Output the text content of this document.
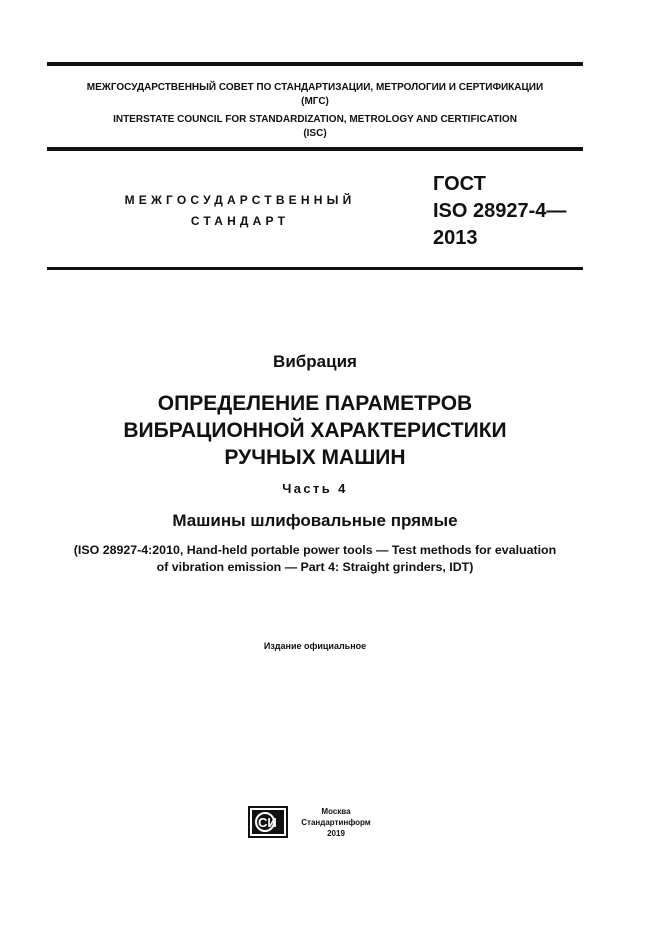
МЕЖГОСУДАРСТВЕННЫЙ СОВЕТ ПО СТАНДАРТИЗАЦИИ, МЕТРОЛОГИИ И СЕРТИФИКАЦИИ
(МГС)
INTERSTATE COUNCIL FOR STANDARDIZATION, METROLOGY AND CERTIFICATION
(ISC)
МЕЖГОСУДАРСТВЕННЫЙ
СТАНДАРТ
ГОСТ
ISO 28927-4—
2013
Вибрация
ОПРЕДЕЛЕНИЕ ПАРАМЕТРОВ
ВИБРАЦИОННОЙ ХАРАКТЕРИСТИКИ
РУЧНЫХ МАШИН
Часть 4
Машины шлифовальные прямые
(ISO 28927-4:2010, Hand-held portable power tools — Test methods for evaluation
of vibration emission — Part 4: Straight grinders, IDT)
Издание официальное
СИ
Москва
Стандартинформ
2019
